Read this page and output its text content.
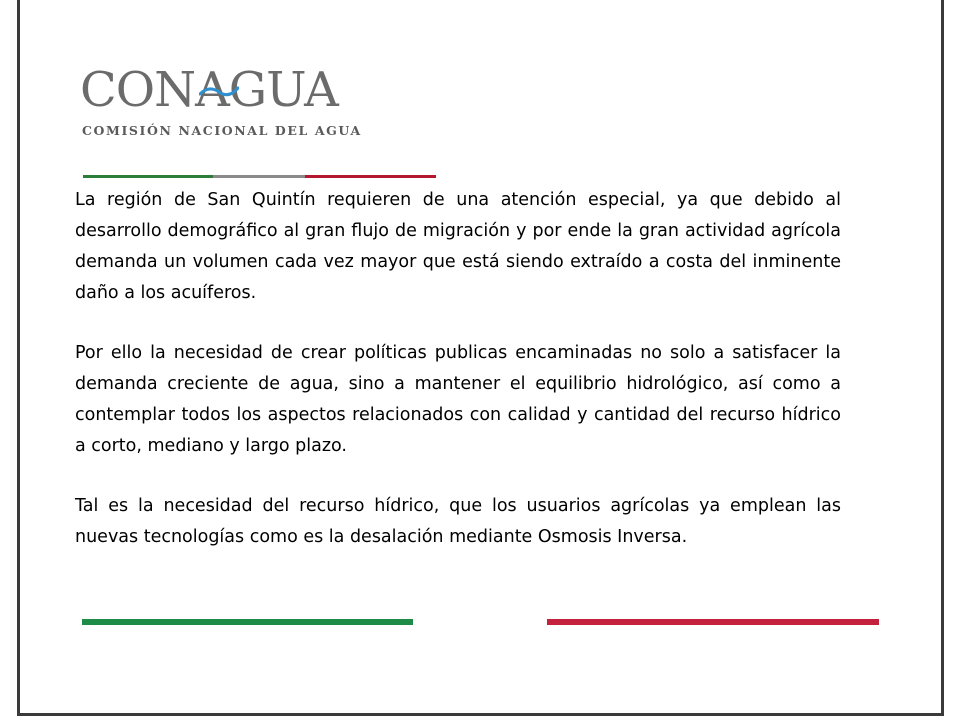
CONAGUA
COMISIÓN NACIONAL DEL AGUA

La región de San Quintín requieren de una atención especial, ya que debido al desarrollo demográfico al gran flujo de migración y por ende la gran actividad agrícola demanda un volumen cada vez mayor que está siendo extraído a costa del inminente daño a los acuíferos.

Por ello la necesidad de crear políticas publicas encaminadas no solo a satisfacer la demanda creciente de agua, sino a mantener el equilibrio hidrológico, así como a contemplar todos los aspectos relacionados con calidad y cantidad del recurso hídrico a corto, mediano y largo plazo.

Tal es la necesidad del recurso hídrico, que los usuarios agrícolas ya emplean las nuevas tecnologías como es la desalación mediante Osmosis Inversa.
